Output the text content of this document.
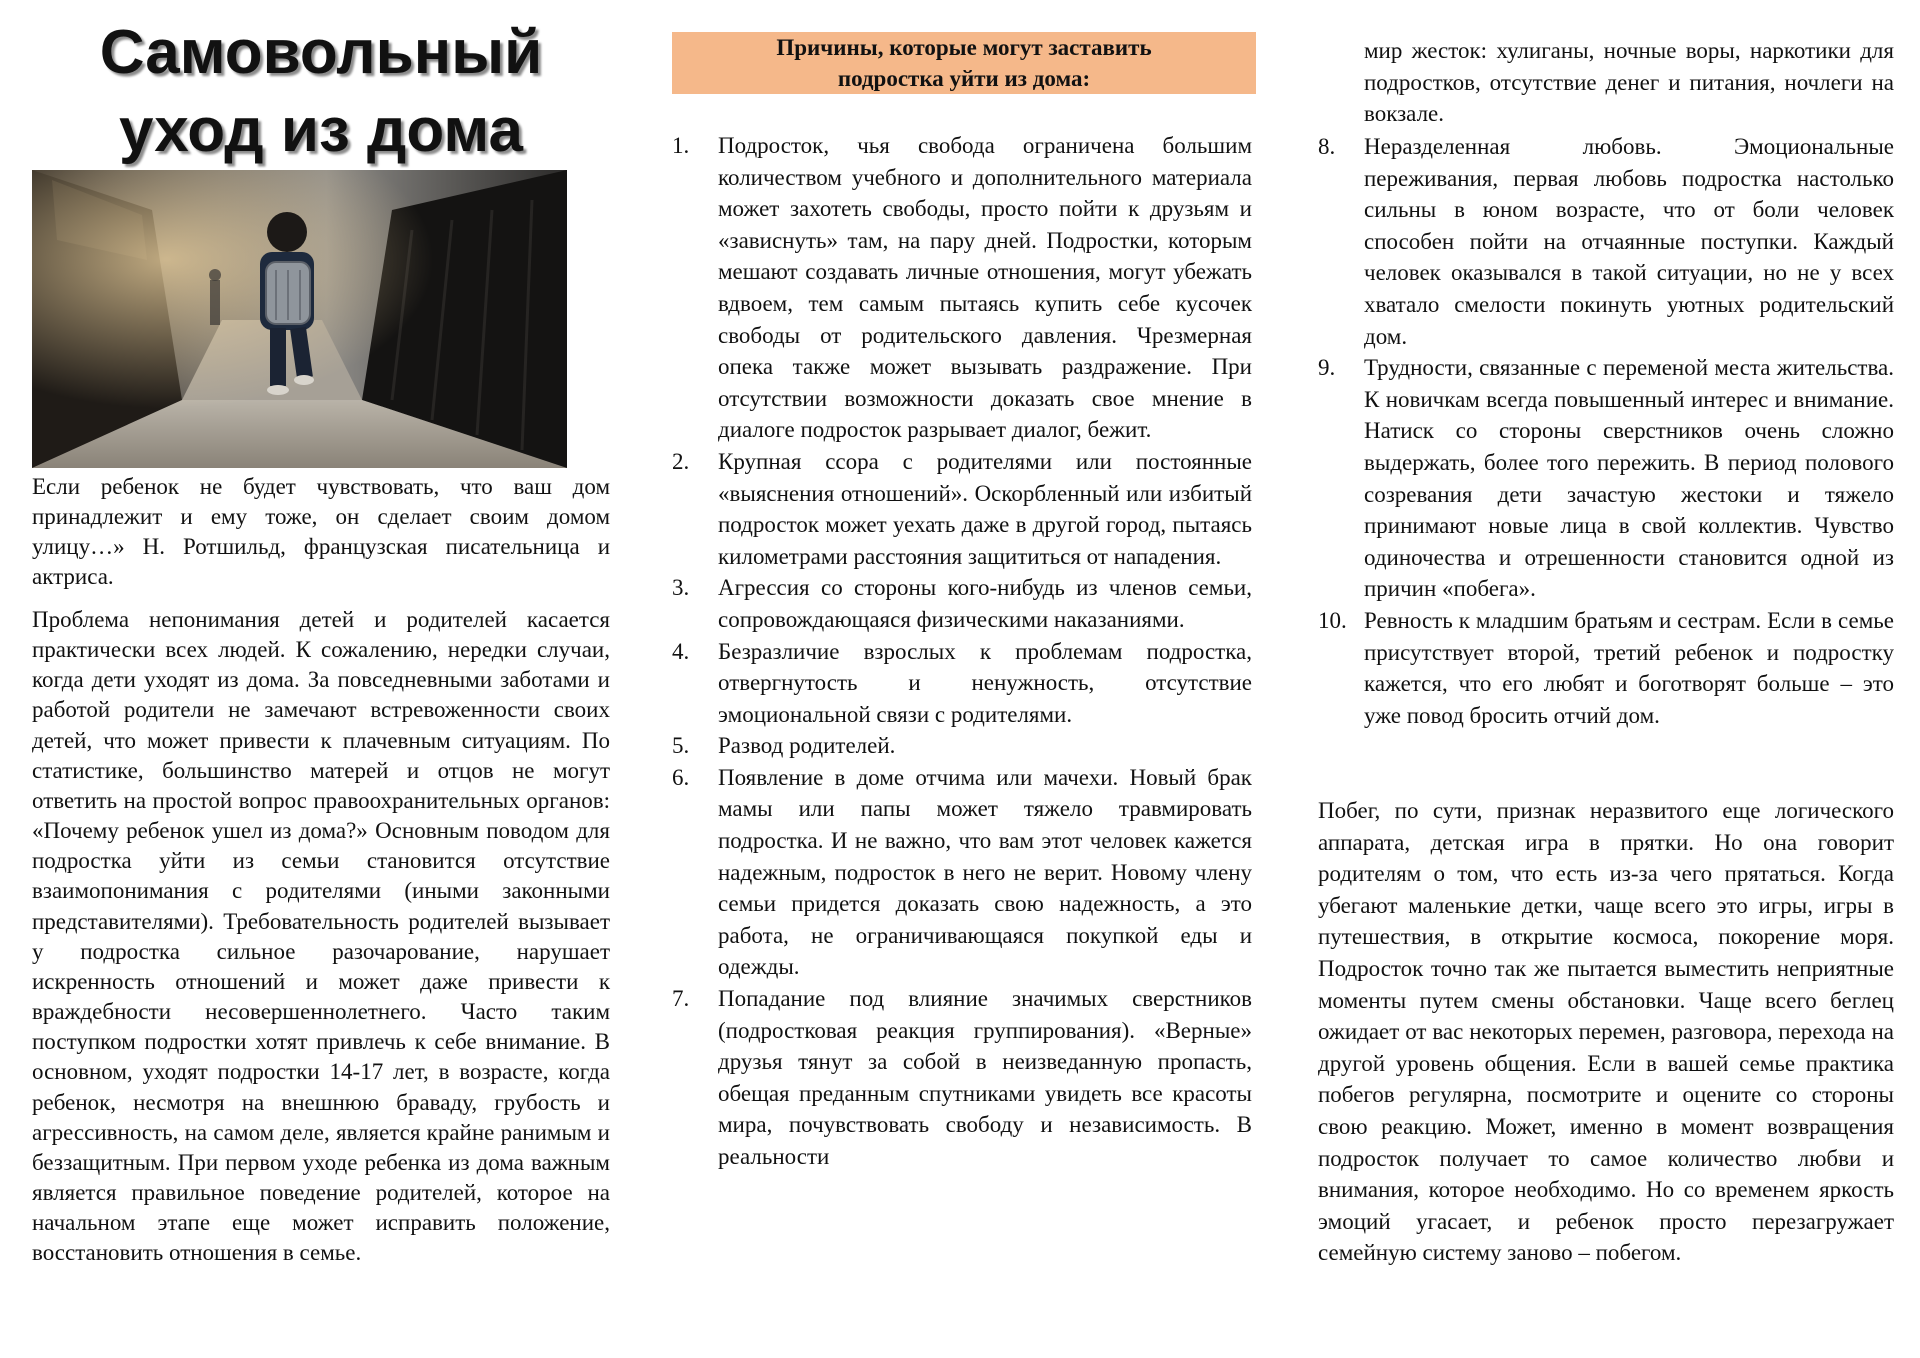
Самовольный
уход из дома
Если ребенок не будет чувствовать, что ваш дом принадлежит и ему тоже, он сделает своим домом улицу…» Н. Ротшильд, французская писательница и актриса.
Проблема непонимания детей и родителей касается практически всех людей. К сожалению, нередки случаи, когда дети уходят из дома. За повседневными заботами и работой родители не замечают встревоженности своих детей, что может привести к плачевным ситуациям. По статистике, большинство матерей и отцов не могут ответить на простой вопрос правоохранительных органов: «Почему ребенок ушел из дома?» Основным поводом для подростка уйти из семьи становится отсутствие взаимопонимания с родителями (иными законными представителями). Требовательность родителей вызывает у подростка сильное разочарование, нарушает искренность отношений и может даже привести к враждебности несовершеннолетнего. Часто таким поступком подростки хотят привлечь к себе внимание. В основном, уходят подростки 14-17 лет, в возрасте, когда ребенок, несмотря на внешнюю браваду, грубость и агрессивность, на самом деле, является крайне ранимым и беззащитным. При первом уходе ребенка из дома важным является правильное поведение родителей, которое на начальном этапе еще может исправить положение, восстановить отношения в семье.
Причины, которые могут заставить
подростка уйти из дома:
1. Подросток, чья свобода ограничена большим количеством учебного и дополнительного материала может захотеть свободы, просто пойти к друзьям и «зависнуть» там, на пару дней. Подростки, которым мешают создавать личные отношения, могут убежать вдвоем, тем самым пытаясь купить себе кусочек свободы от родительского давления. Чрезмерная опека также может вызывать раздражение. При отсутствии возможности доказать свое мнение в диалоге подросток разрывает диалог, бежит.
2. Крупная ссора с родителями или постоянные «выяснения отношений». Оскорбленный или избитый подросток может уехать даже в другой город, пытаясь километрами расстояния защититься от нападения.
3. Агрессия со стороны кого-нибудь из членов семьи, сопровождающаяся физическими наказаниями.
4. Безразличие взрослых к проблемам подростка, отвергнутость и ненужность, отсутствие эмоциональной связи с родителями.
5. Развод родителей.
6. Появление в доме отчима или мачехи. Новый брак мамы или папы может тяжело травмировать подростка. И не важно, что вам этот человек кажется надежным, подросток в него не верит. Новому члену семьи придется доказать свою надежность, а это работа, не ограничивающаяся покупкой еды и одежды.
7. Попадание под влияние значимых сверстников (подростковая реакция группирования). «Верные» друзья тянут за собой в неизведанную пропасть, обещая преданным спутниками увидеть все красоты мира, почувствовать свободу и независимость. В реальности
мир жесток: хулиганы, ночные воры, наркотики для подростков, отсутствие денег и питания, ночлеги на вокзале.
8. Неразделенная любовь. Эмоциональные переживания, первая любовь подростка настолько сильны в юном возрасте, что от боли человек способен пойти на отчаянные поступки. Каждый человек оказывался в такой ситуации, но не у всех хватало смелости покинуть уютных родительский дом.
9. Трудности, связанные с переменой места жительства. К новичкам всегда повышенный интерес и внимание. Натиск со стороны сверстников очень сложно выдержать, более того пережить. В период полового созревания дети зачастую жестоки и тяжело принимают новые лица в свой коллектив. Чувство одиночества и отрешенности становится одной из причин «побега».
10. Ревность к младшим братьям и сестрам. Если в семье присутствует второй, третий ребенок и подростку кажется, что его любят и боготворят больше – это уже повод бросить отчий дом.
Побег, по сути, признак неразвитого еще логического аппарата, детская игра в прятки. Но она говорит родителям о том, что есть из-за чего прятаться. Когда убегают маленькие детки, чаще всего это игры, игры в путешествия, в открытие космоса, покорение моря. Подросток точно так же пытается выместить неприятные моменты путем смены обстановки. Чаще всего беглец ожидает от вас некоторых перемен, разговора, перехода на другой уровень общения. Если в вашей семье практика побегов регулярна, посмотрите и оцените со стороны свою реакцию. Может, именно в момент возвращения подросток получает то самое количество любви и внимания, которое необходимо. Но со временем яркость эмоций угасает, и ребенок просто перезагружает семейную систему заново – побегом.
